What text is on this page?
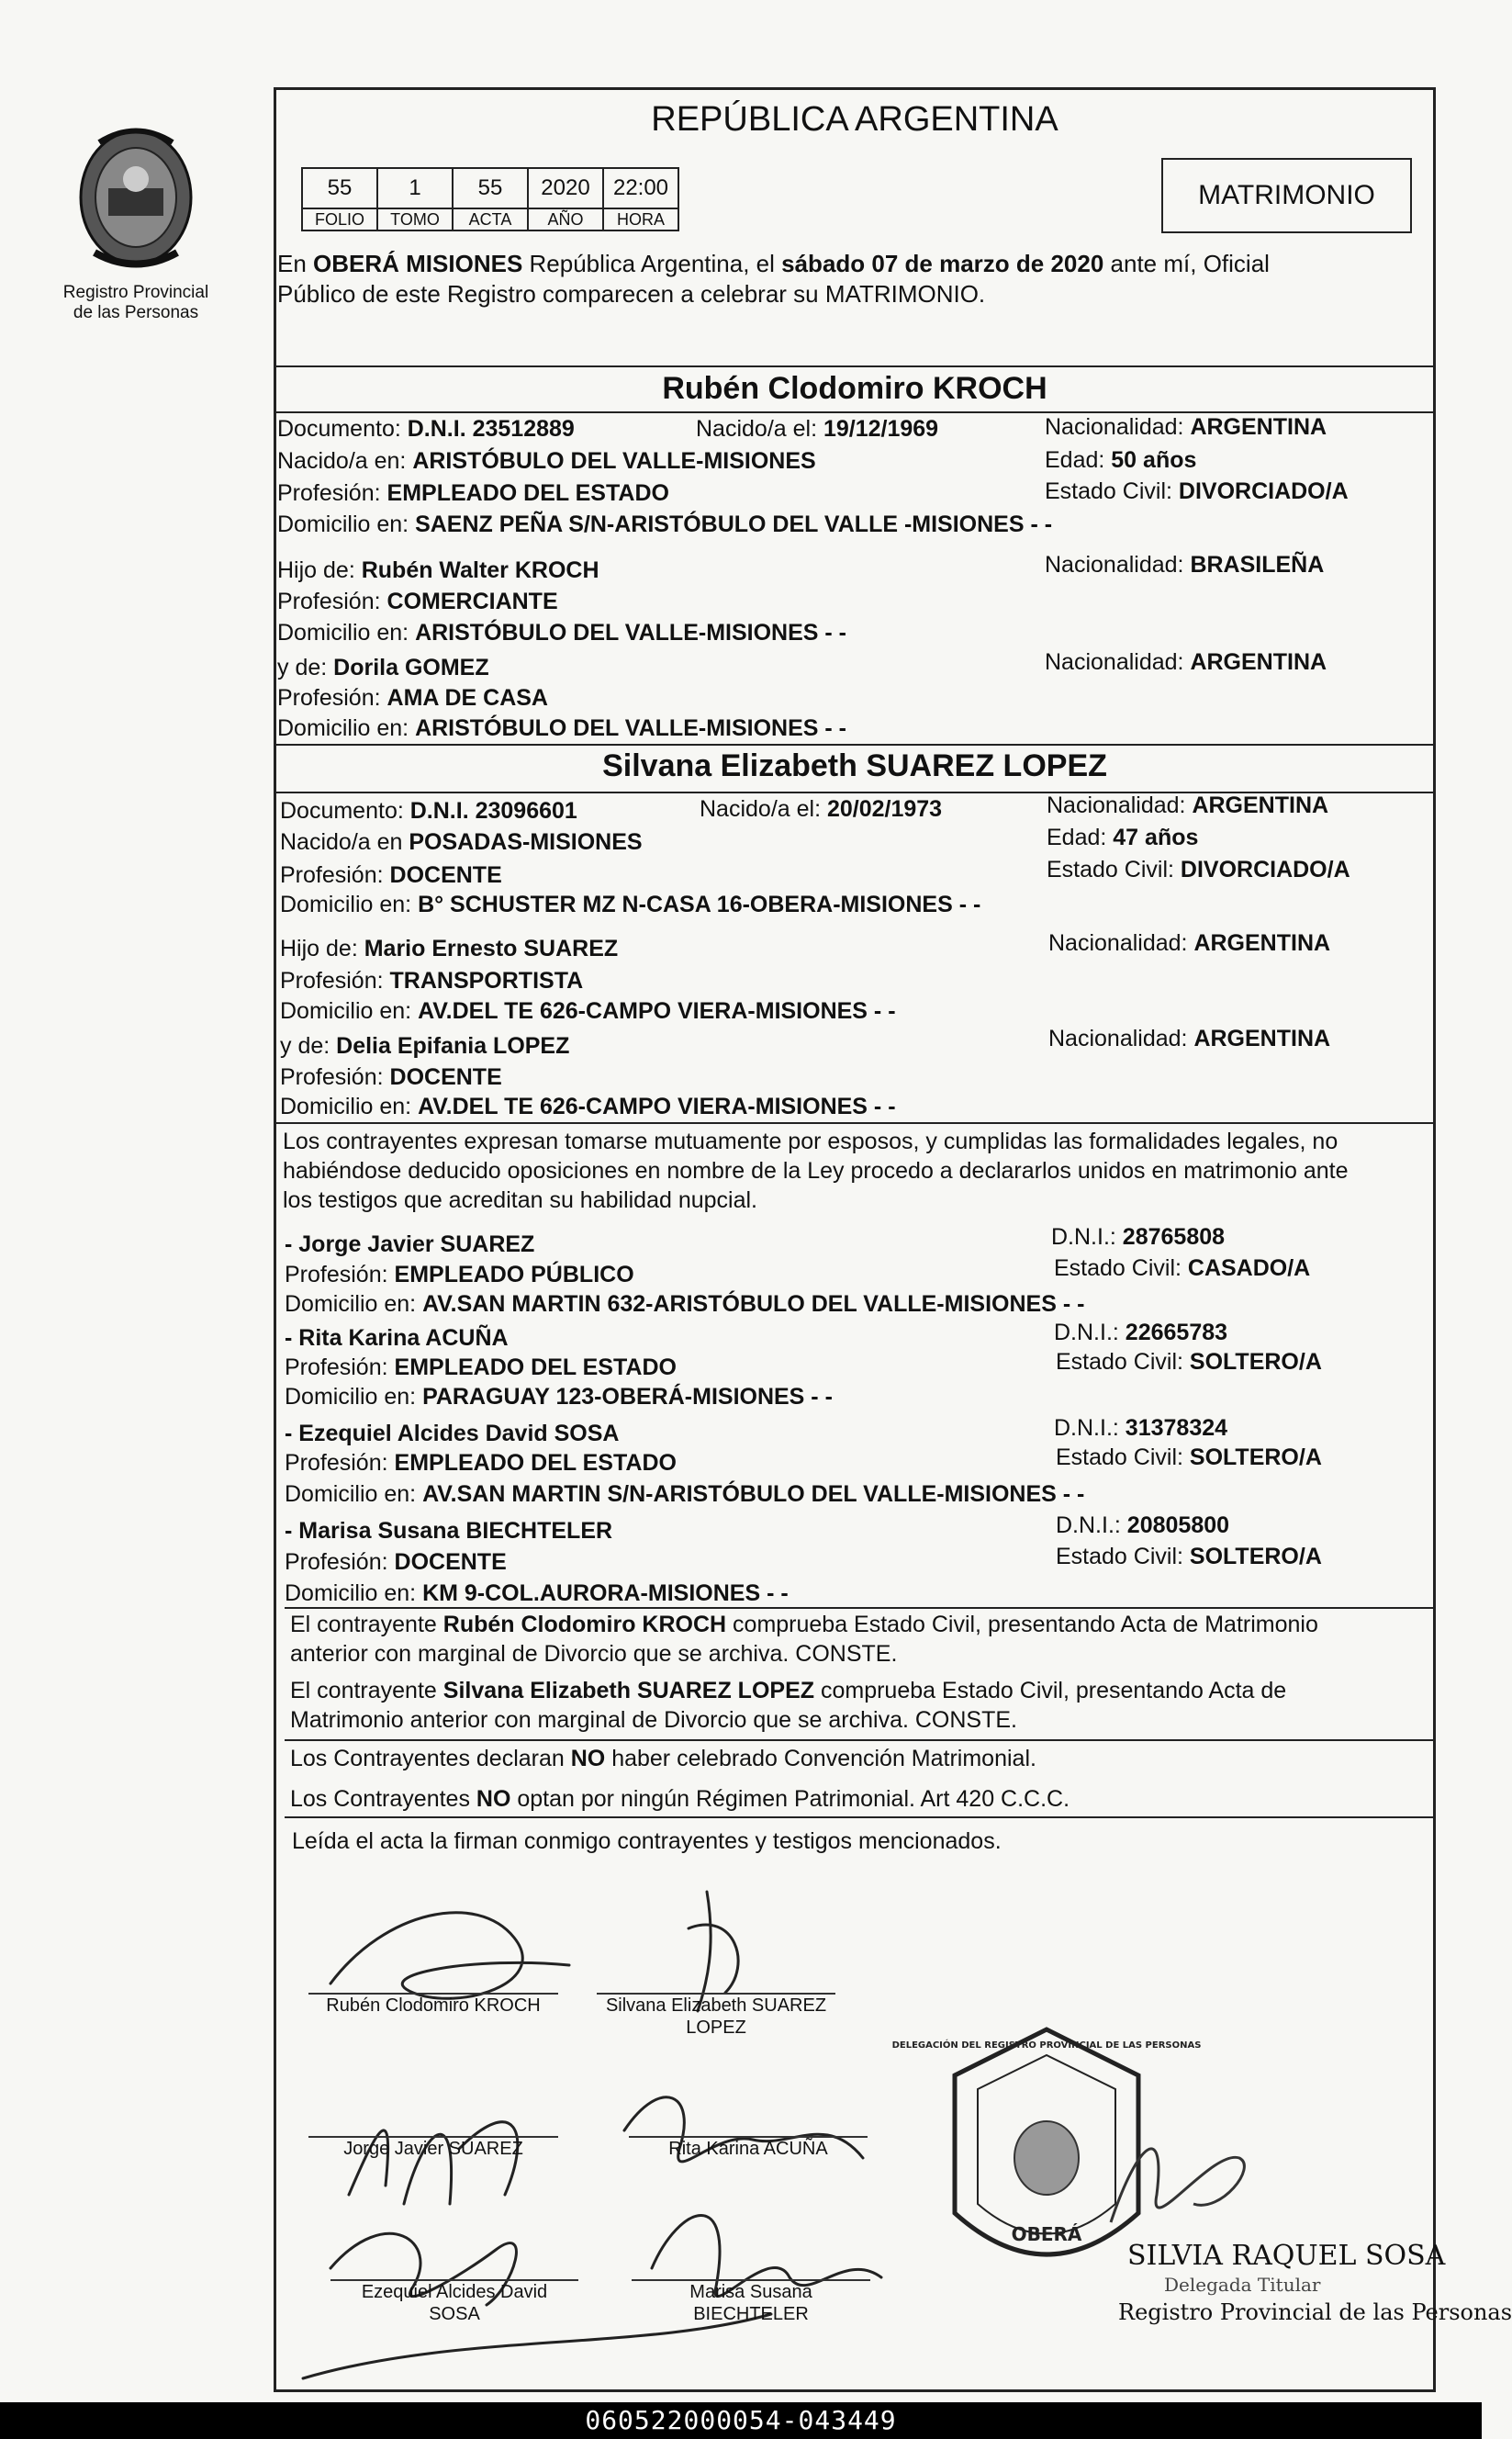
Registro Provincial
de las Personas
REPÚBLICA ARGENTINA
55	1	55	2020	22:00
FOLIO	TOMO	ACTA	AÑO	HORA
MATRIMONIO
En OBERÁ MISIONES República Argentina, el sábado 07 de marzo de 2020 ante mí, Oficial
Público de este Registro comparecen a celebrar su MATRIMONIO.
Rubén Clodomiro KROCH
Documento: D.N.I. 23512889	Nacido/a el: 19/12/1969	Nacionalidad: ARGENTINA
Nacido/a en: ARISTÓBULO DEL VALLE-MISIONES	Edad: 50 años
Profesión: EMPLEADO DEL ESTADO	Estado Civil: DIVORCIADO/A
Domicilio en: SAENZ PEÑA S/N-ARISTÓBULO DEL VALLE -MISIONES - -
Hijo de: Rubén Walter KROCH	Nacionalidad: BRASILEÑA
Profesión: COMERCIANTE
Domicilio en: ARISTÓBULO DEL VALLE-MISIONES - -
y de: Dorila GOMEZ	Nacionalidad: ARGENTINA
Profesión: AMA DE CASA
Domicilio en: ARISTÓBULO DEL VALLE-MISIONES - -
Silvana Elizabeth SUAREZ LOPEZ
Documento: D.N.I. 23096601	Nacido/a el: 20/02/1973	Nacionalidad: ARGENTINA
Nacido/a en POSADAS-MISIONES	Edad: 47 años
Profesión: DOCENTE	Estado Civil: DIVORCIADO/A
Domicilio en: B° SCHUSTER MZ N-CASA 16-OBERA-MISIONES - -
Hijo de: Mario Ernesto SUAREZ	Nacionalidad: ARGENTINA
Profesión: TRANSPORTISTA
Domicilio en: AV.DEL TE 626-CAMPO VIERA-MISIONES - -
y de: Delia Epifania LOPEZ	Nacionalidad: ARGENTINA
Profesión: DOCENTE
Domicilio en: AV.DEL TE 626-CAMPO VIERA-MISIONES - -
Los contrayentes expresan tomarse mutuamente por esposos, y cumplidas las formalidades legales, no
habiéndose deducido oposiciones en nombre de la Ley procedo a declararlos unidos en matrimonio ante
los testigos que acreditan su habilidad nupcial.
- Jorge Javier SUAREZ	D.N.I.: 28765808
Profesión: EMPLEADO PÚBLICO	Estado Civil: CASADO/A
Domicilio en: AV.SAN MARTIN 632-ARISTÓBULO DEL VALLE-MISIONES - -
- Rita Karina ACUÑA	D.N.I.: 22665783
Profesión: EMPLEADO DEL ESTADO	Estado Civil: SOLTERO/A
Domicilio en: PARAGUAY 123-OBERÁ-MISIONES - -
- Ezequiel Alcides David SOSA	D.N.I.: 31378324
Profesión: EMPLEADO DEL ESTADO	Estado Civil: SOLTERO/A
Domicilio en: AV.SAN MARTIN S/N-ARISTÓBULO DEL VALLE-MISIONES - -
- Marisa Susana BIECHTELER	D.N.I.: 20805800
Profesión: DOCENTE	Estado Civil: SOLTERO/A
Domicilio en: KM 9-COL.AURORA-MISIONES - -
El contrayente Rubén Clodomiro KROCH comprueba Estado Civil, presentando Acta de Matrimonio
anterior con marginal de Divorcio que se archiva. CONSTE.
El contrayente Silvana Elizabeth SUAREZ LOPEZ comprueba Estado Civil, presentando Acta de
Matrimonio anterior con marginal de Divorcio que se archiva. CONSTE.
Los Contrayentes declaran NO haber celebrado Convención Matrimonial.
Los Contrayentes NO optan por ningún Régimen Patrimonial. Art 420 C.C.C.
Leída el acta la firman conmigo contrayentes y testigos mencionados.
Rubén Clodomiro KROCH	Silvana Elizabeth SUAREZ
LOPEZ
Jorge Javier SUAREZ	Rita Karina ACUÑA
Ezequiel Alcides David
SOSA
Marisa Susana
BIECHTELER
OBERÁ
DELEGACIÓN DEL REGISTRO PROVINCIAL DE LAS PERSONAS
SILVIA RAQUEL SOSA
Delegada Titular
Registro Provincial de las Personas
060522000054-043449
